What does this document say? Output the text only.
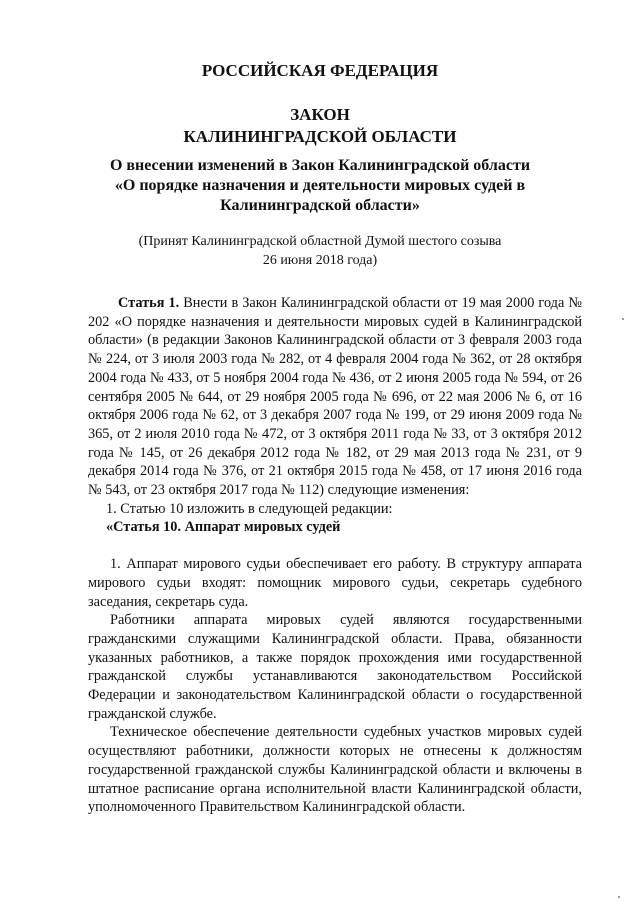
РОССИЙСКАЯ ФЕДЕРАЦИЯ
ЗАКОН
КАЛИНИНГРАДСКОЙ ОБЛАСТИ
О внесении изменений в Закон Калининградской области
«О порядке назначения и деятельности мировых судей в
Калининградской области»
(Принят Калининградской областной Думой шестого созыва
26 июня 2018 года)

Статья 1. Внести в Закон Калининградской области от 19 мая 2000 года № 202 «О порядке назначения и деятельности мировых судей в Калининградской области» (в редакции Законов Калининградской области от 3 февраля 2003 года № 224, от 3 июля 2003 года № 282, от 4 февраля 2004 года № 362, от 28 октября 2004 года № 433, от 5 ноября 2004 года № 436, от 2 июня 2005 года № 594, от 26 сентября 2005 № 644, от 29 ноября 2005 года № 696, от 22 мая 2006 № 6, от 16 октября 2006 года № 62, от 3 декабря 2007 года № 199, от 29 июня 2009 года № 365, от 2 июля 2010 года № 472, от 3 октября 2011 года № 33, от 3 октября 2012 года № 145, от 26 декабря 2012 года № 182, от 29 мая 2013 года № 231, от 9 декабря 2014 года № 376, от 21 октября 2015 года № 458, от 17 июня 2016 года № 543, от 23 октября 2017 года № 112) следующие изменения:

1. Статью 10 изложить в следующей редакции:

«Статья 10. Аппарат мировых судей

1. Аппарат мирового судьи обеспечивает его работу. В структуру аппарата мирового судьи входят: помощник мирового судьи, секретарь судебного заседания, секретарь суда.

Работники аппарата мировых судей являются государственными гражданскими служащими Калининградской области. Права, обязанности указанных работников, а также порядок прохождения ими государственной гражданской службы устанавливаются законодательством Российской Федерации и законодательством Калининградской области о государственной гражданской службе.

Техническое обеспечение деятельности судебных участков мировых судей осуществляют работники, должности которых не отнесены к должностям государственной гражданской службы Калининградской области и включены в штатное расписание органа исполнительной власти Калининградской области, уполномоченного Правительством Калининградской области.
